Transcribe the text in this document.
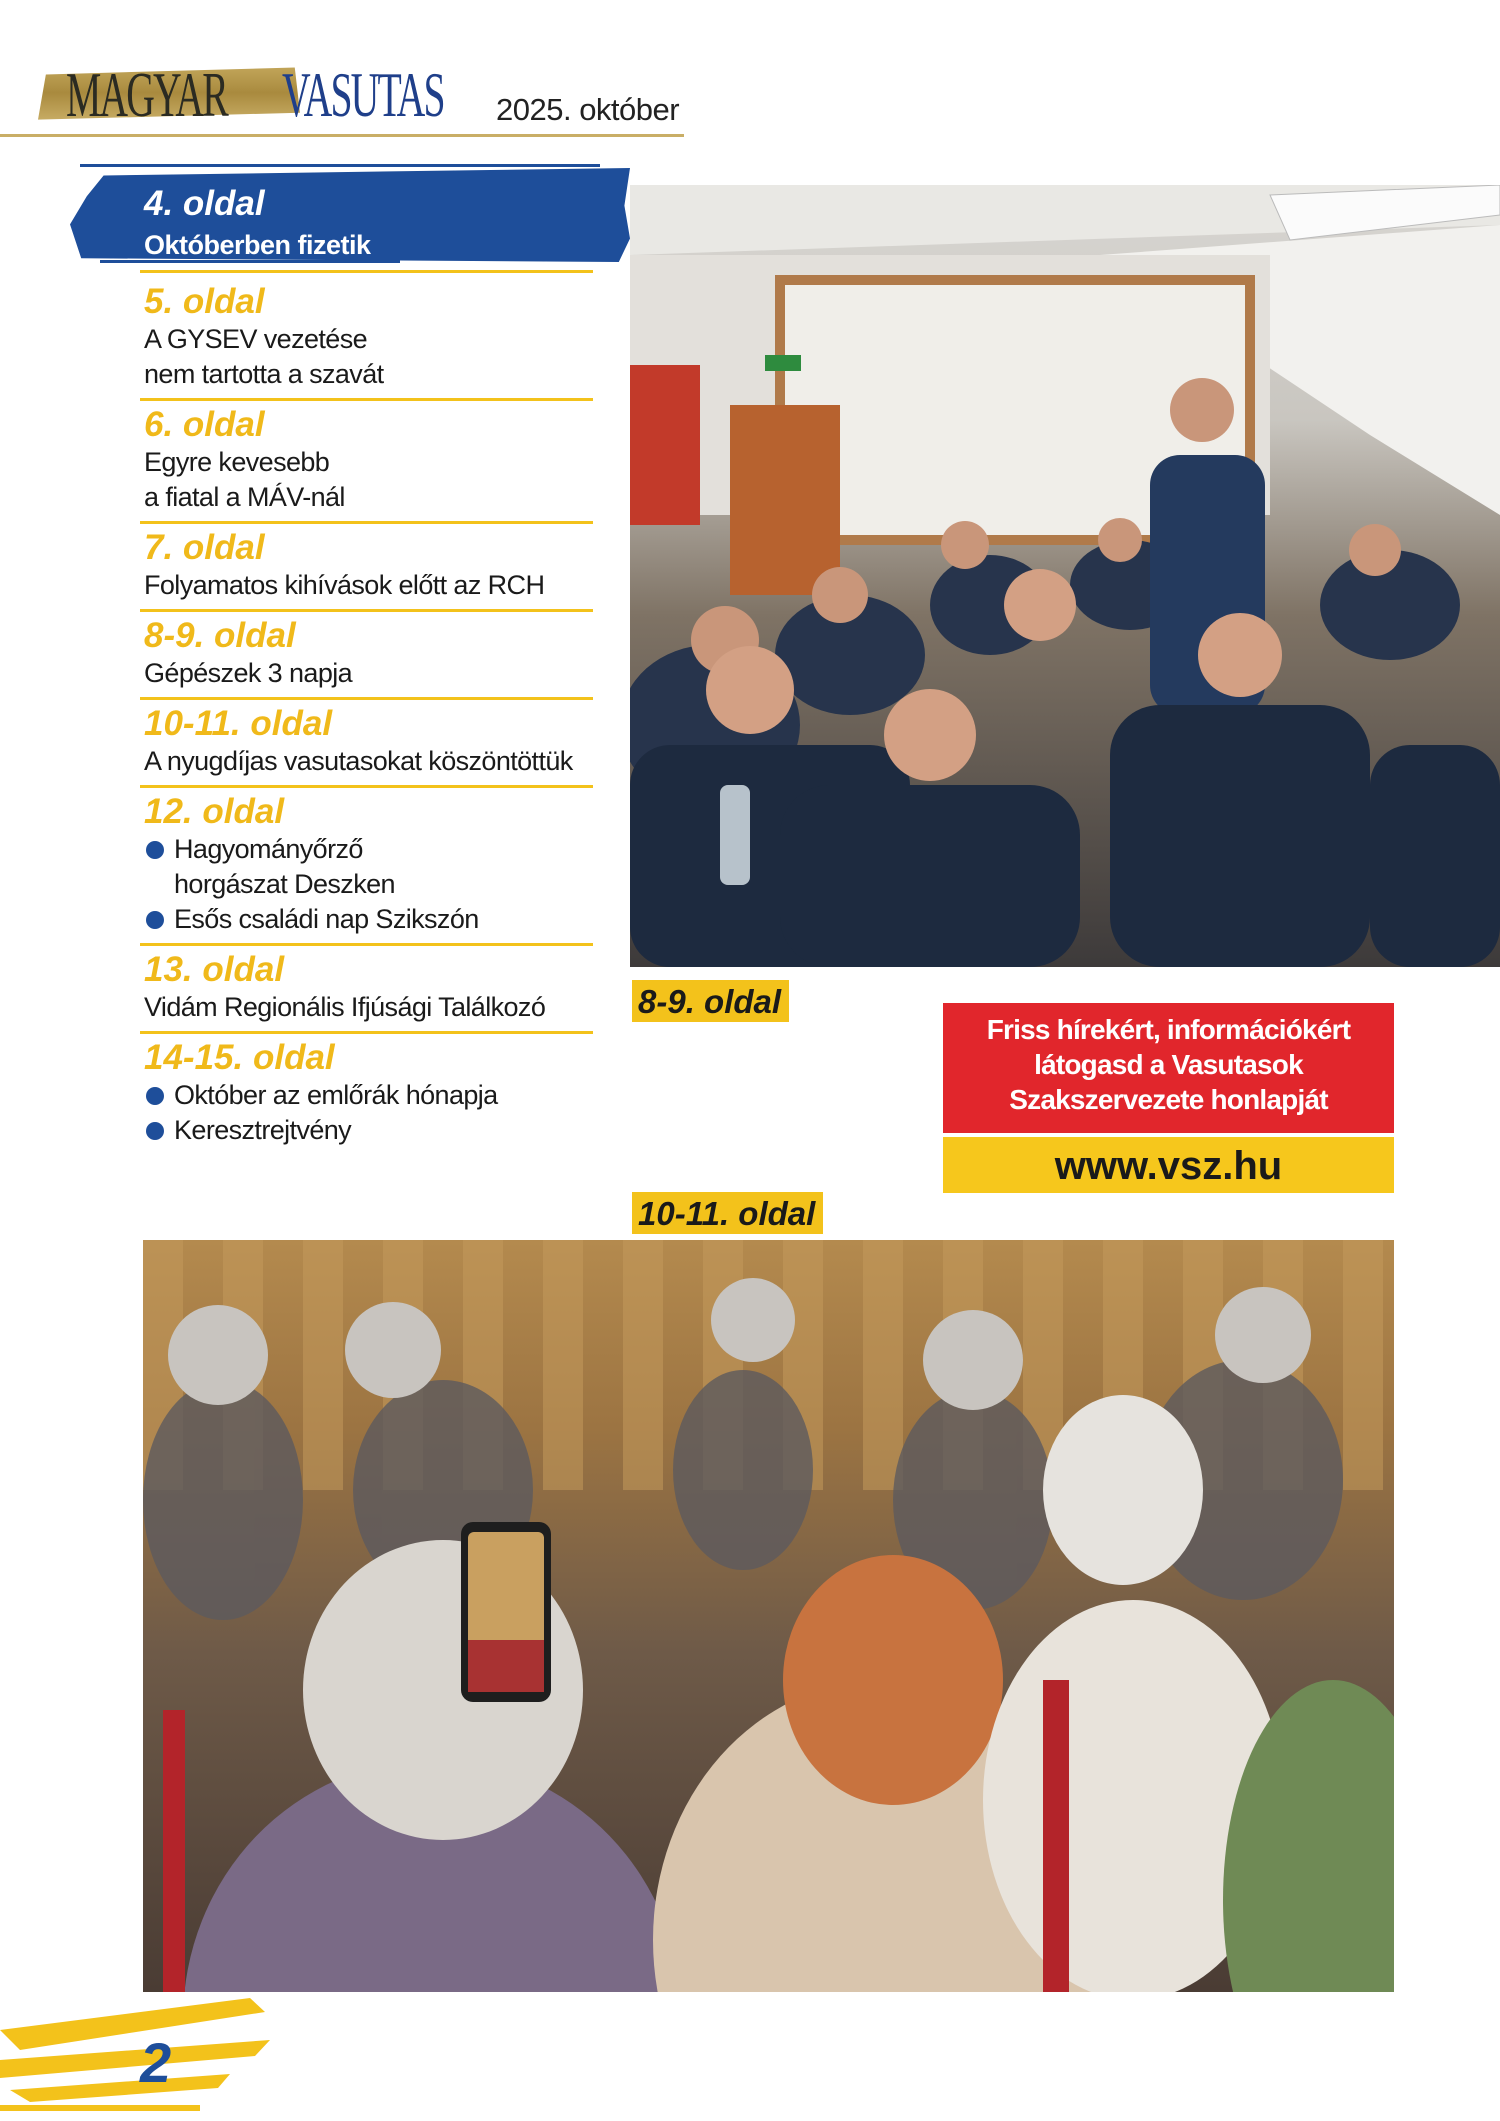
MAGYAR VASUTAS 2025. október
4. oldal
Októberben fizetik
5. oldal
A GYSEV vezetése
nem tartotta a szavát
6. oldal
Egyre kevesebb
a fiatal a MÁV-nál
7. oldal
Folyamatos kihívások előtt az RCH
8-9. oldal
Gépészek 3 napja
10-11. oldal
A nyugdíjas vasutasokat köszöntöttük
12. oldal
Hagyományőrző
horgászat Deszken
Esős családi nap Szikszón
13. oldal
Vidám Regionális Ifjúsági Találkozó
14-15. oldal
Október az emlőrák hónapja
Keresztrejtvény
8-9. oldal
10-11. oldal
Friss hírekért, információkért
látogasd a Vasutasok
Szakszervezete honlapját
www.vsz.hu
2
